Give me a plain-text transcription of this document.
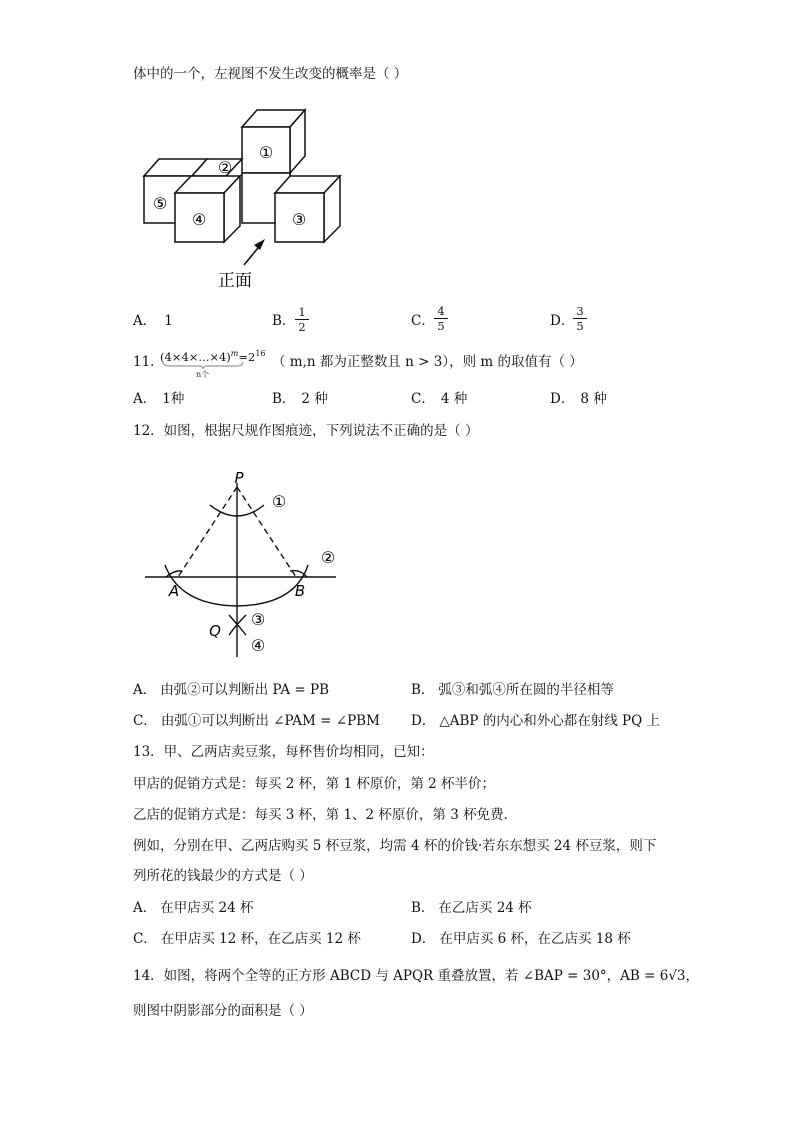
体中的一个，左视图不发生改变的概率是（ ）
①
②
③
④
⑤
正面
A． 1	B． $\frac{1}{2}$	C． $\frac{4}{5}$	D．
$\frac{3}{5}$
11．
$(4\times 4\times...\times 4)^m=2^{16}$
n个
（ m,n 都为正整数且 n > 3），则 m 的取值有（ ）
A． 1种	B． 2 种	C． 4 种	D． 8 种
12．如图，根据尺规作图痕迹，下列说法不正确的是（ ）
P
A	B
Q
①
②
③
④
A． 由弧②可以判断出 PA = PB	B． 弧③和弧④所在圆的半径相等
C． 由弧①可以判断出 ∠PAM = ∠PBM D． △ABP 的内心和外心都在射线 PQ 上
13．甲、乙两店卖豆浆，每杯售价均相同，已知：
甲店的促销方式是：每买 2 杯，第 1 杯原价，第 2 杯半价；
乙店的促销方式是：每买 3 杯，第 1、2 杯原价，第 3 杯免费．
例如，分别在甲、乙两店购买 5 杯豆浆，均需 4 杯的价钱·若东东想买 24 杯豆浆，则下
列所花的钱最少的方式是（ ）
A． 在甲店买 24 杯	B． 在乙店买 24 杯
C． 在甲店买 12 杯，在乙店买 12 杯	D． 在甲店买 6 杯，在乙店买 18 杯
14．如图，将两个全等的正方形 ABCD 与 APQR 重叠放置，若 ∠BAP = 30°，AB = 6√3，
则图中阴影部分的面积是（ ）
